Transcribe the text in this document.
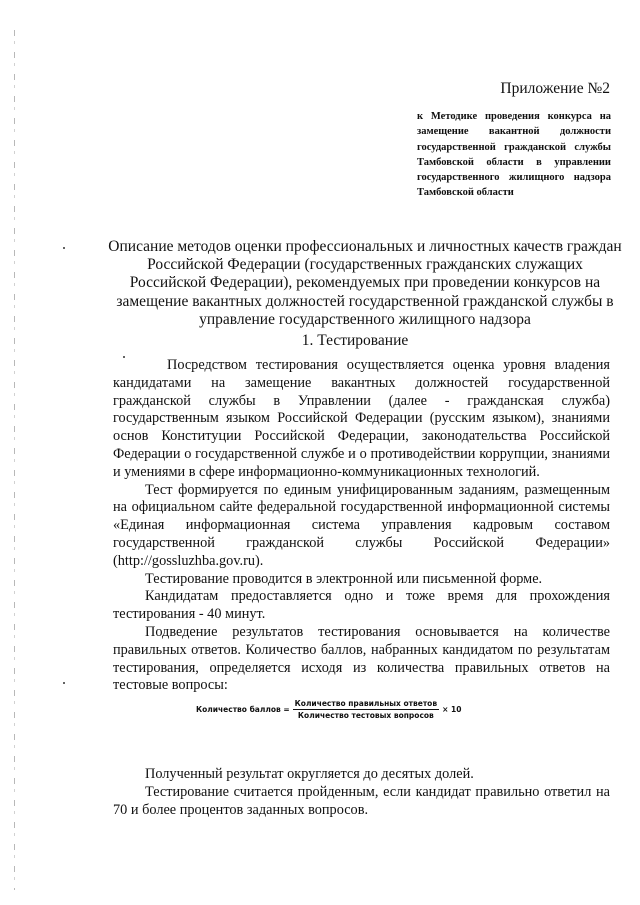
Приложение №2
к Методике проведения конкурса на замещение вакантной должности государственной гражданской службы Тамбовской области в управлении государственного жилищного надзора Тамбовской области
Описание методов оценки профессиональных и личностных качеств граждан Российской Федерации (государственных гражданских служащих Российской Федерации), рекомендуемых при проведении конкурсов на замещение вакантных должностей государственной гражданской службы в управление государственного жилищного надзора
1. Тестирование

Посредством тестирования осуществляется оценка уровня владения кандидатами на замещение вакантных должностей государственной гражданской службы в Управлении (далее - гражданская служба) государственным языком Российской Федерации (русским языком), знаниями основ Конституции Российской Федерации, законодательства Российской Федерации о государственной службе и о противодействии коррупции, знаниями и умениями в сфере информационно-коммуникационных технологий.

Тест формируется по единым унифицированным заданиям, размещенным на официальном сайте федеральной государственной информационной системы «Единая информационная система управления кадровым составом государственной гражданской службы Российской Федерации» (http://gossluzhba.gov.ru).

Тестирование проводится в электронной или письменной форме.

Кандидатам предоставляется одно и тоже время для прохождения тестирования - 40 минут.

Подведение результатов тестирования основывается на количестве правильных ответов. Количество баллов, набранных кандидатом по результатам тестирования, определяется исходя из количества правильных ответов на тестовые вопросы:

Количество баллов = $\frac{\text{Количество правильных ответов}}{\text{Количество тестовых вопросов}} \times 10$

Полученный результат округляется до десятых долей.

Тестирование считается пройденным, если кандидат правильно ответил на 70 и более процентов заданных вопросов.
